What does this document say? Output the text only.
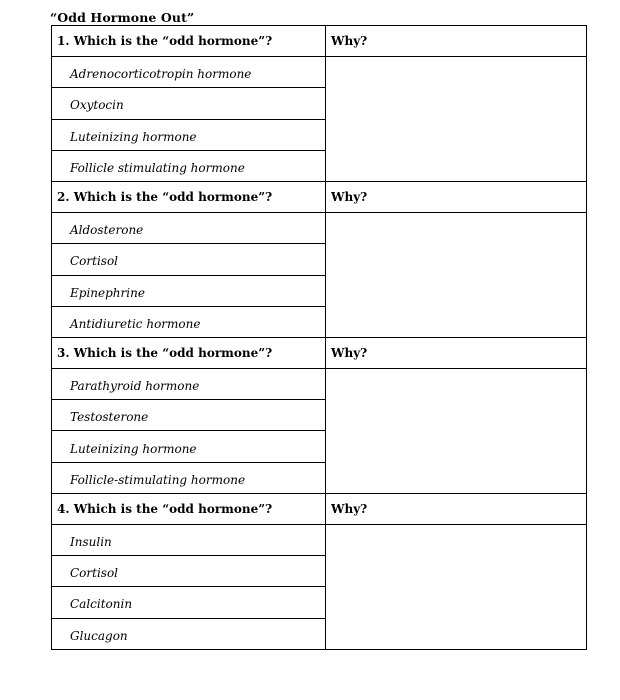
“Odd Hormone Out”
1. Which is the “odd hormone”?	Why?
Adrenocorticotropin hormone	
Oxytocin	
Luteinizing hormone	
Follicle stimulating hormone	
2. Which is the “odd hormone”?	Why?
Aldosterone	
Cortisol	
Epinephrine	
Antidiuretic hormone	
3. Which is the “odd hormone”?	Why?
Parathyroid hormone	
Testosterone	
Luteinizing hormone	
Follicle-stimulating hormone	
4. Which is the “odd hormone”?	Why?
Insulin	
Cortisol	
Calcitonin	
Glucagon	
